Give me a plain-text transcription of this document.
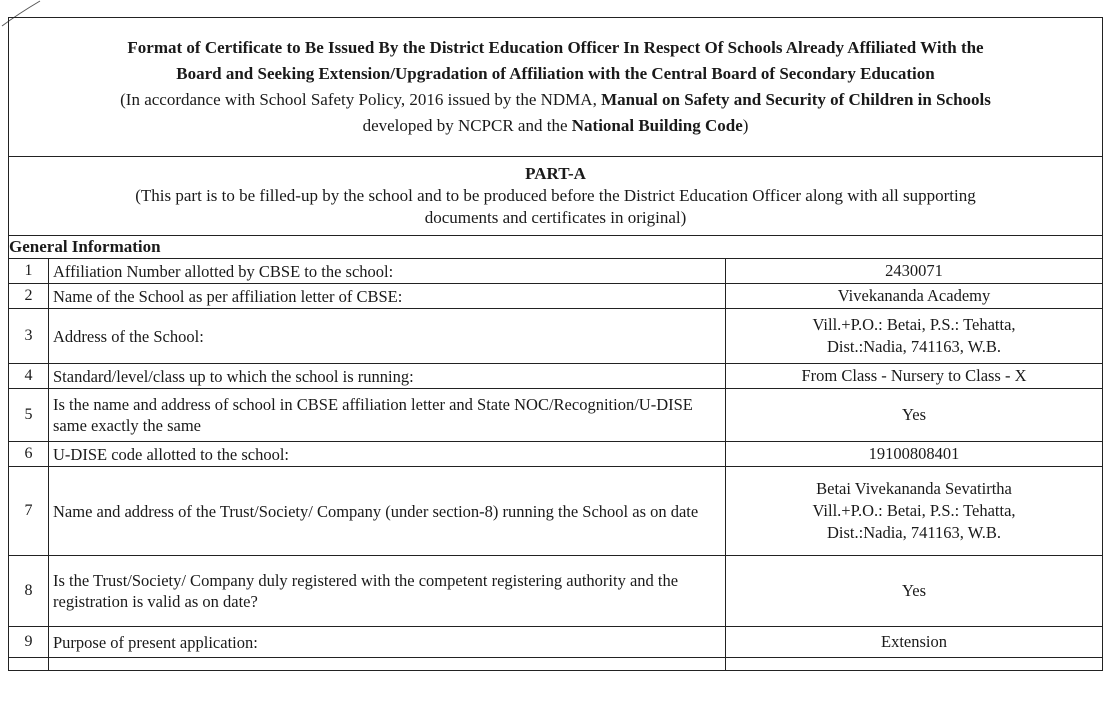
Format of Certificate to Be Issued By the District Education Officer In Respect Of Schools Already Affiliated With the
Board and Seeking Extension/Upgradation of Affiliation with the Central Board of Secondary Education
(In accordance with School Safety Policy, 2016 issued by the NDMA, Manual on Safety and Security of Children in Schools
developed by NCPCR and the National Building Code)		

PART-A
(This part is to be filled-up by the school and to be produced before the District Education Officer along with all supporting
documents and certificates in original)		

General Information		
1	Affiliation Number allotted by CBSE to the school:	2430071
2	Name of the School as per affiliation letter of CBSE:	Vivekananda Academy
3	Address of the School:	Vill.+P.O.: Betai, P.S.: Tehatta,
Dist.:Nadia, 741163, W.B.

4	Standard/level/class up to which the school is running:	From Class - Nursery to Class - X
5	Is the name and address of school in CBSE affiliation letter and State NOC/Recognition/U-DISE same exactly the same	Yes
6	U-DISE code allotted to the school:	19100808401
7	Name and address of the Trust/Society/ Company (under section-8) running the School as on date	Betai Vivekananda Sevatirtha
Vill.+P.O.: Betai, P.S.: Tehatta,
Dist.:Nadia, 741163, W.B.

8	Is the Trust/Society/ Company duly registered with the competent registering authority and the registration is valid as on date?	Yes
9	Purpose of present application:	Extension
